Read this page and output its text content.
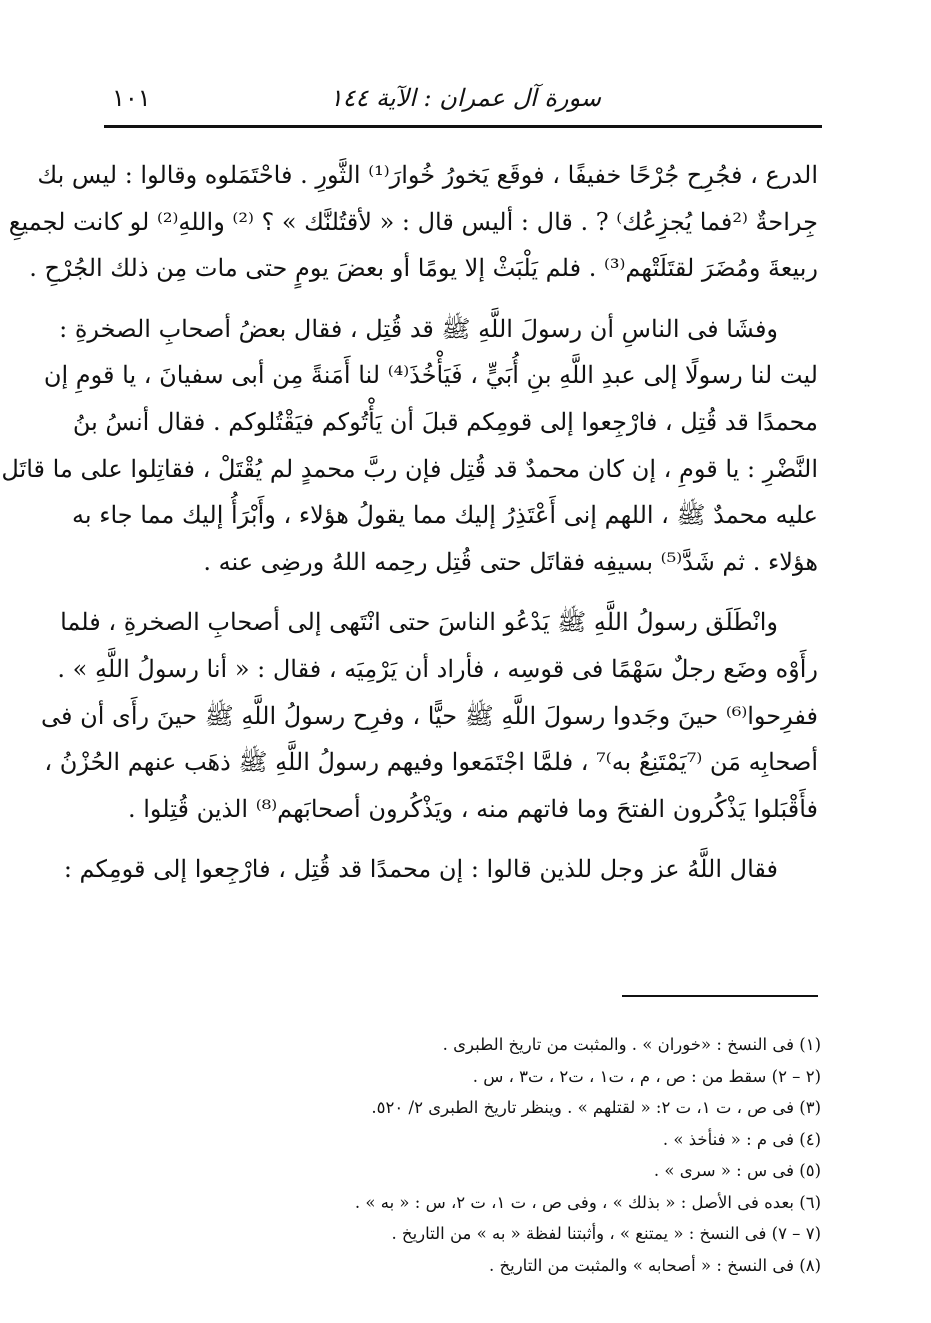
سورة آل عمران : الآية ١٤٤
١٠١
الدرع ، فجُرِح جُرْحًا خفيفًا ، فوقَع يَخورُ خُوارَ⁽¹⁾ الثَّورِ . فاحْتَمَلوه وقالوا : ليس بك
جِراحةٌ ⁽²فما يُجزِعُك⁾ ? . قال : أليس قال : « لأقتُلنَّك » ؟ ⁽²⁾ واللهِ⁽²⁾ لو كانت لجميعِ
ربيعةَ ومُضَرَ لقتَلَتْهم⁽³⁾ . فلم يَلْبَثْ إلا يومًا أو بعضَ يومٍ حتى مات مِن ذلك الجُرْحِ .
وفشَا فى الناسِ أن رسولَ اللَّهِ ﷺ قد قُتِل ، فقال بعضُ أصحابِ الصخرةِ :
ليت لنا رسولًا إلى عبدِ اللَّهِ بنِ أُبَيٍّ ، فَيَأْخُذَ⁽⁴⁾ لنا أَمَنةً مِن أبى سفيانَ ، يا قومِ إن
محمدًا قد قُتِل ، فارْجِعوا إلى قومِكم قبلَ أن يَأْتُوكم فيَقْتُلوكم . فقال أنسُ بنُ
النَّضْرِ : يا قومِ ، إن كان محمدٌ قد قُتِل فإن ربَّ محمدٍ لم يُقْتَلْ ، فقاتِلوا على ما قاتَل
عليه محمدٌ ﷺ ، اللهم إنى أَعْتَذِرُ إليك مما يقولُ هؤلاء ، وأَبْرَأُ إليك مما جاء به
هؤلاء . ثم شَدَّ⁽⁵⁾ بسيفِه فقاتَل حتى قُتِل رحِمه اللهُ ورضِى عنه .
وانْطَلَق رسولُ اللَّهِ ﷺ يَدْعُو الناسَ حتى انْتَهى إلى أصحابِ الصخرةِ ، فلما
رأَوْه وضَع رجلٌ سَهْمًا فى قوسِه ، فأراد أن يَرْمِيَه ، فقال : « أنا رسولُ اللَّهِ » .
ففرِحوا⁽⁶⁾ حينَ وجَدوا رسولَ اللَّهِ ﷺ حيًّا ، وفرِح رسولُ اللَّهِ ﷺ حينَ رأَى أن فى
أصحابِه مَن ⁽⁷يَمْتَنِعُ به⁾⁷ ، فلمَّا اجْتَمَعوا وفيهم رسولُ اللَّهِ ﷺ ذهَب عنهم الحُزْنُ ،
فأَقْبَلوا يَذْكُرون الفتحَ وما فاتهم منه ، ويَذْكُرون أصحابَهم⁽⁸⁾ الذين قُتِلوا .
فقال اللَّهُ عز وجل للذين قالوا : إن محمدًا قد قُتِل ، فارْجِعوا إلى قومِكم :
(١) فى النسخ : «خوران » . والمثبت من تاريخ الطبرى .
(٢ – ٢) سقط من : ص ، م ، ت١ ، ت٢ ، ت٣ ، س .
(٣) فى ص ، ت ١، ت ٢: « لقتلهم » . وينظر تاريخ الطبرى ٢/ ٥٢٠.
(٤) فى م : « فنأخذ » .
(٥) فى س : « سرى » .
(٦) بعده فى الأصل : « بذلك » ، وفى ص ، ت ١، ت ٢، س : « به » .
(٧ – ٧) فى النسخ : « يمتنع » ، وأثبتنا لفظة « به » من التاريخ .
(٨) فى النسخ : « أصحابه » والمثبت من التاريخ .
